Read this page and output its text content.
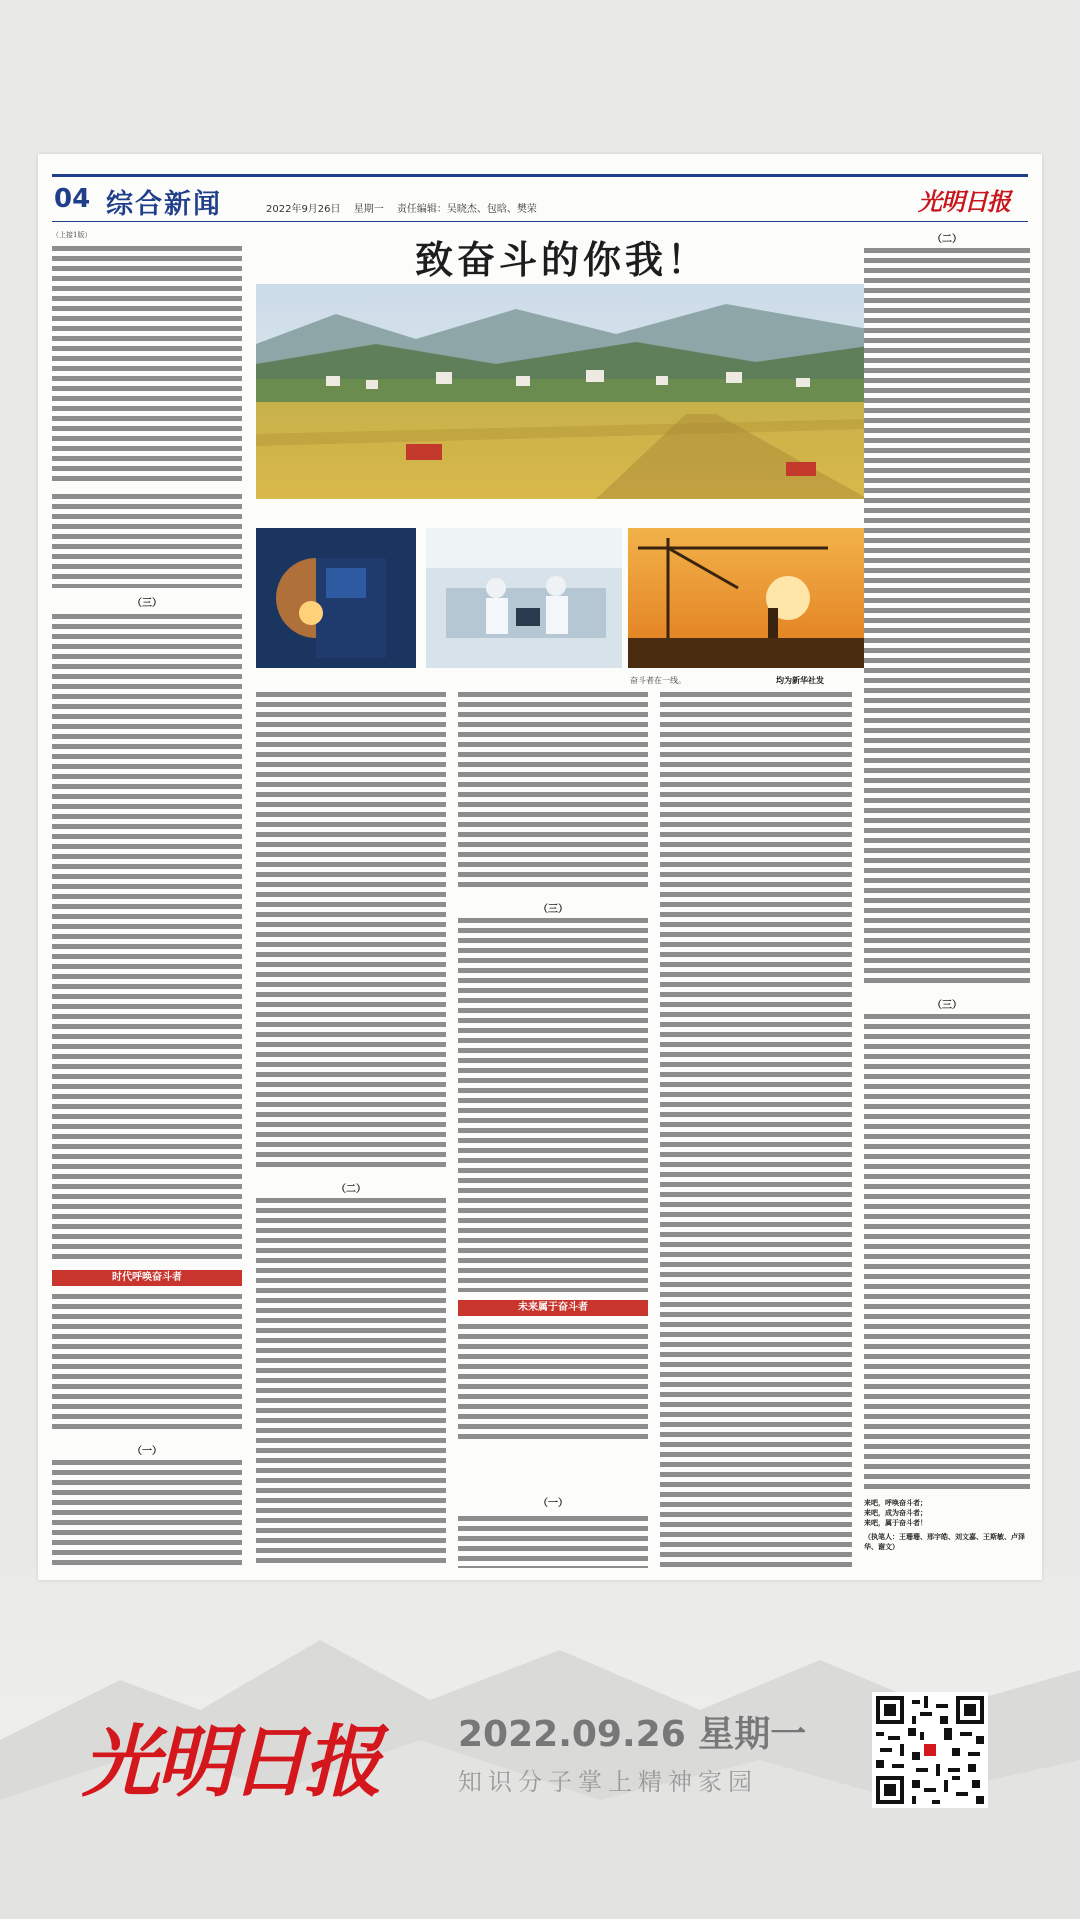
04 综合新闻	2022年9月26日 星期一 责任编辑：吴晓杰、包晗、樊荣	光明日报
（上接1版）
（三）
时代呼唤奋斗者
（一）
致奋斗的你我！
奋斗者在一线。	均为新华社发
（二）
（三）
未来属于奋斗者
（一）
（二）
（三）
来吧，呼唤奋斗者；
来吧，成为奋斗者；
来吧，属于奋斗者！
（执笔人：王珊珊、邢宇皓、刘文嘉、王斯敏、卢泽华、谢文）
光明日报 2022.09.26 星期一
知识分子掌上精神家园
